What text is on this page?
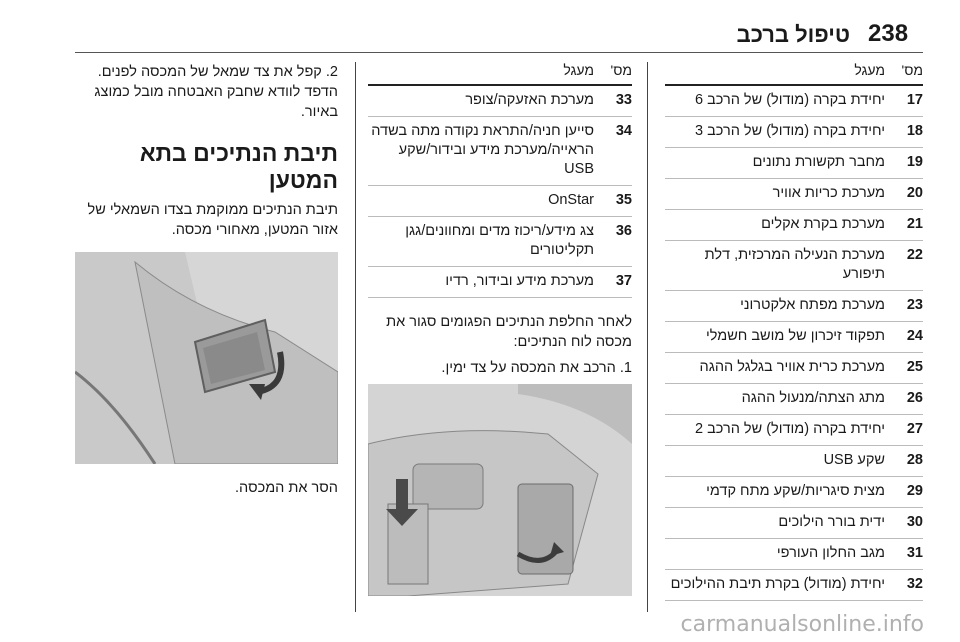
238
טיפול ברכב
מס'
מעגל
17
יחידת בקרה (מודול) של הרכב 6
18
יחידת בקרה (מודול) של הרכב 3
19
מחבר תקשורת נתונים
20
מערכת כריות אוויר
21
מערכת בקרת אקלים
22
מערכת הנעילה המרכזית, דלת תיפורע
23
מערכת מפתח אלקטרוני
24
תפקוד זיכרון של מושב חשמלי
25
מערכת כרית אוויר בגלגל ההגה
26
מתג הצתה/מנעול ההגה
27
יחידת בקרה (מודול) של הרכב 2
28
שקע USB
29
מצית סיגריות/שקע מתח קדמי
30
ידית בורר הילוכים
31
מגב החלון העורפי
32
יחידת (מודול) בקרת תיבת ההילוכים
מס'
מעגל
33
מערכת האזעקה/צופר
34
סייען חניה/התראת נקודה מתה בשדה הראייה/מערכת מידע ובידור/שקע USB
35
OnStar
36
צג מידע/ריכוז מדים ומחוונים/גגן תקליטורים
37
מערכת מידע ובידור, רדיו
לאחר החלפת הנתיכים הפגומים סגור את מכסה לוח הנתיכים:
1. הרכב את המכסה על צד ימין.
2. קפל את צד שמאל של המכסה לפנים. הדפד לוודא שחבק האבטחה מובל כמוצג באיור.
תיבת הנתיכים בתא המטען
תיבת הנתיכים ממוקמת בצדו השמאלי של אזור המטען, מאחורי מכסה.
הסר את המכסה.
carmanualsonline.info
